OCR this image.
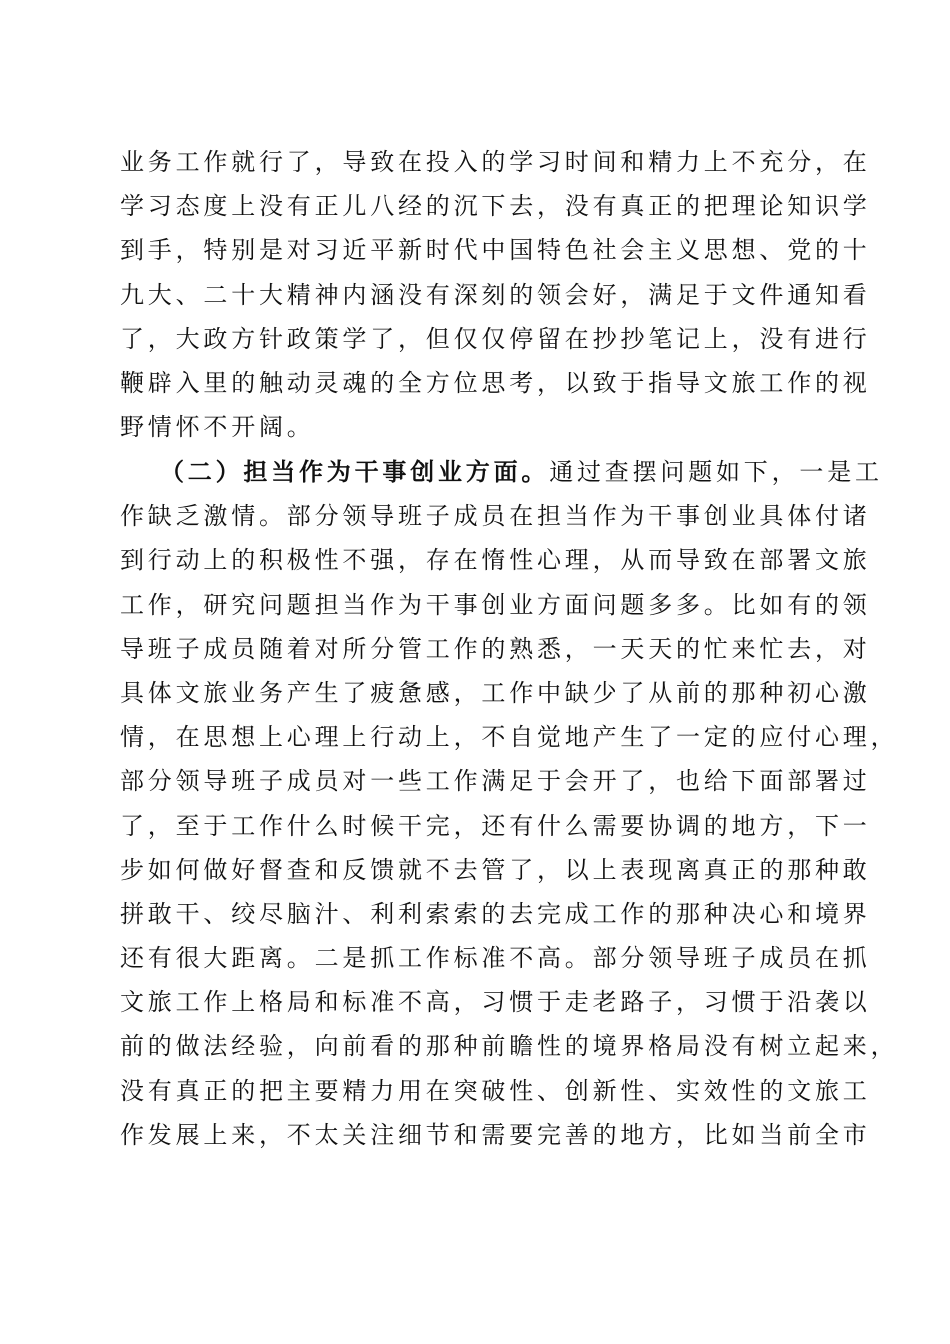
业务工作就行了，导致在投入的学习时间和精力上不充分，在
学习态度上没有正儿八经的沉下去，没有真正的把理论知识学
到手，特别是对习近平新时代中国特色社会主义思想、党的十
九大、二十大精神内涵没有深刻的领会好，满足于文件通知看
了，大政方针政策学了，但仅仅停留在抄抄笔记上，没有进行
鞭辟入里的触动灵魂的全方位思考，以致于指导文旅工作的视
野情怀不开阔。
（二）担当作为干事创业方面。通过查摆问题如下，一是工
作缺乏激情。部分领导班子成员在担当作为干事创业具体付诸
到行动上的积极性不强，存在惰性心理，从而导致在部署文旅
工作，研究问题担当作为干事创业方面问题多多。比如有的领
导班子成员随着对所分管工作的熟悉，一天天的忙来忙去，对
具体文旅业务产生了疲惫感，工作中缺少了从前的那种初心激
情，在思想上心理上行动上，不自觉地产生了一定的应付心理，
部分领导班子成员对一些工作满足于会开了，也给下面部署过
了，至于工作什么时候干完，还有什么需要协调的地方，下一
步如何做好督查和反馈就不去管了，以上表现离真正的那种敢
拼敢干、绞尽脑汁、利利索索的去完成工作的那种决心和境界
还有很大距离。二是抓工作标准不高。部分领导班子成员在抓
文旅工作上格局和标准不高，习惯于走老路子，习惯于沿袭以
前的做法经验，向前看的那种前瞻性的境界格局没有树立起来，
没有真正的把主要精力用在突破性、创新性、实效性的文旅工
作发展上来，不太关注细节和需要完善的地方，比如当前全市
